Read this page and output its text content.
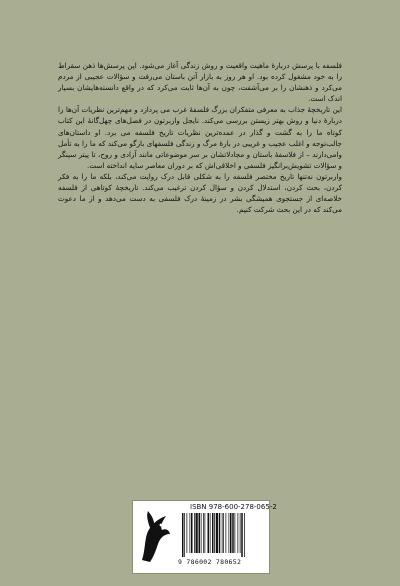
فلسفه با پرسش دربارهٔ ماهیت واقعیت و روش زندگی آغاز می‌شود. این پرسش‌ها ذهن سقراط را به خود مشغول کرده بود. او هر روز به بازار آتن باستان می‌رفت و سؤالات عجیبی از مردم می‌کرد و ذهنشان را بر می‌آشفت، چون به آن‌ها ثابت می‌کرد که در واقع دانسته‌هایشان بسیار اندک است.

این تاریخچهٔ جذاب به معرفی متفکران بزرگ فلسفهٔ غرب می پردازد و مهم‌ترین نظریات آن‌ها را دربارهٔ دنیا و روش بهتر زیستن بررسی می‌کند. نایجل واربرتون در فصل‌های چهل‌گانهٔ این کتاب کوتاه ما را به گشت و گذار در عمده‌ترین نظریات تاریخ فلسفه می برد. او داستان‌های جالب‌توجه و اغلب عجیب و غریبی در بارهٔ مرگ و زندگی فلسفهای بازگو می‌کند که ما را به تأمل وامی‌دارند – از فلاسفهٔ باستان و مجادلاتشان بر سر موضوعاتی مانند آزادی و روح، تا پیتر سینگر و سؤالات تشویش‌برانگیز فلسفی و اخلاقی‌اش که بر دوران معاصر سایه انداخته است.

واربرتون نه‌تنها تاریخ مختصر فلسفه را به شکلی قابل درک روایت می‌کند، بلکه ما را به فکر کردن، بحث کردن، استدلال کردن و سؤال کردن ترغیب می‌کند. تاریخچهٔ کوتاهی از فلسفه خلاصه‌ای از جستجوی همیشگی بشر در زمینهٔ درک فلسفی به دست می‌دهد و از ما دعوت می‌کند که در این بحث شرکت کنیم.

ISBN 978-600-278-065-2
9 786002 780652
